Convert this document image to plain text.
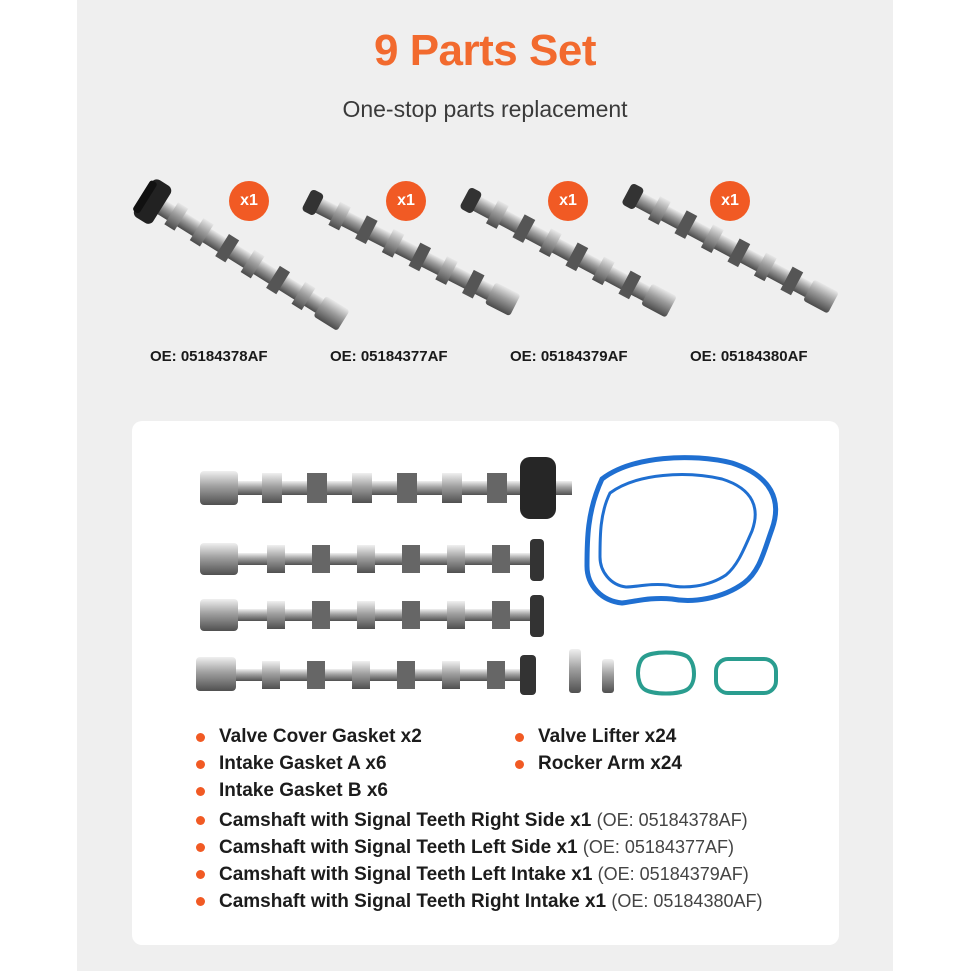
9 Parts Set
One-stop parts replacement
x1	x1	x1	x1
OE: 05184378AF	OE: 05184377AF	OE: 05184379AF	OE: 05184380AF
Valve Cover Gasket x2
Intake Gasket A x6
Intake Gasket B x6
Camshaft with Signal Teeth Right Side x1 (OE: 05184378AF)
Camshaft with Signal Teeth Left Side x1 (OE: 05184377AF)
Camshaft with Signal Teeth Left Intake x1 (OE: 05184379AF)
Camshaft with Signal Teeth Right Intake x1 (OE: 05184380AF)
Valve Lifter x24
Rocker Arm x24
